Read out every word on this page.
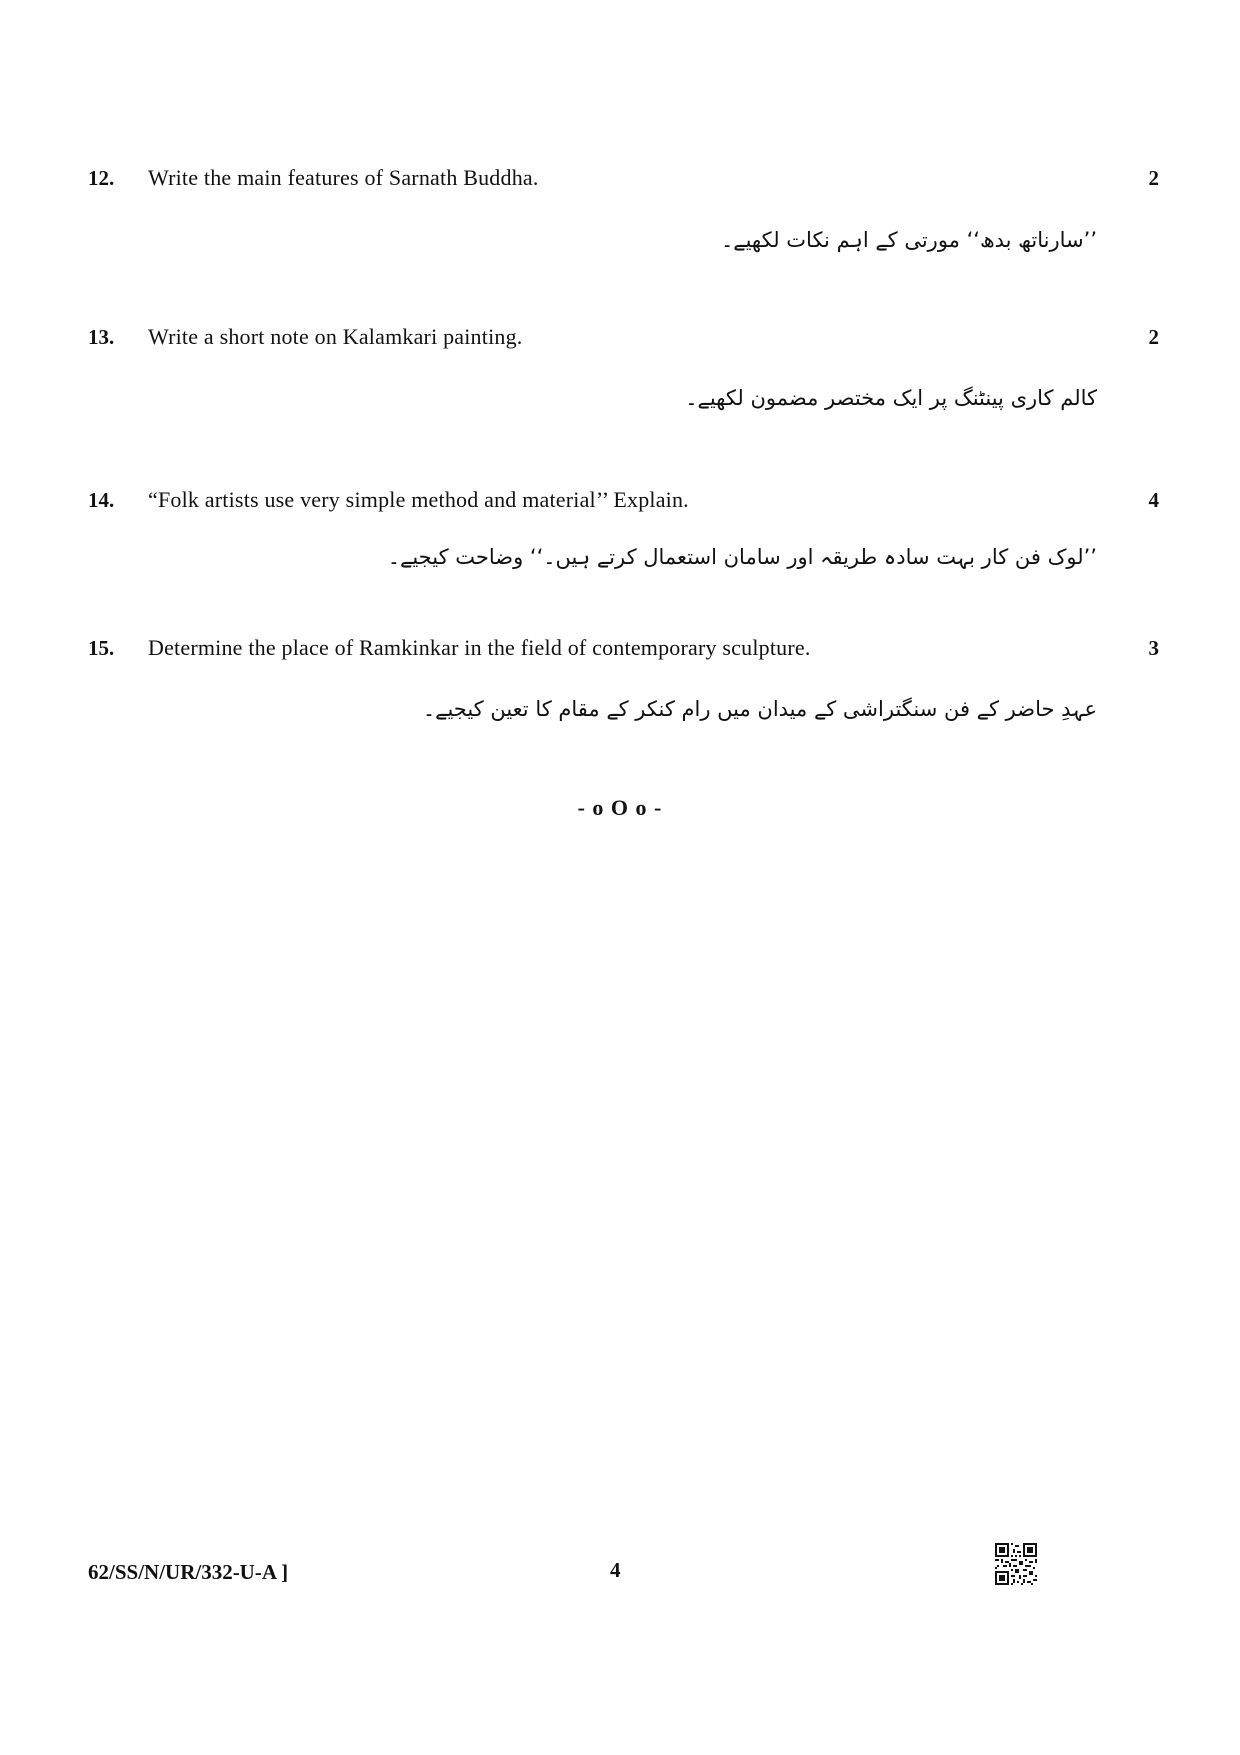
12. Write the main features of Sarnath Buddha.	2
’’سارناتھ بدھ‘‘ مورتی کے اہم نکات لکھیے۔
13. Write a short note on Kalamkari painting.	2
کالم کاری پینٹنگ پر ایک مختصر مضمون لکھیے۔
14. “Folk artists use very simple method and material’’ Explain.	4
’’لوک فن کار بہت سادہ طریقہ اور سامان استعمال کرتے ہیں۔‘‘ وضاحت کیجیے۔
15. Determine the place of Ramkinkar in the field of contemporary sculpture.	3
عہدِ حاضر کے فن سنگتراشی کے میدان میں رام کنکر کے مقام کا تعین کیجیے۔
- o O o -
62/SS/N/UR/332-U-A ]	4
